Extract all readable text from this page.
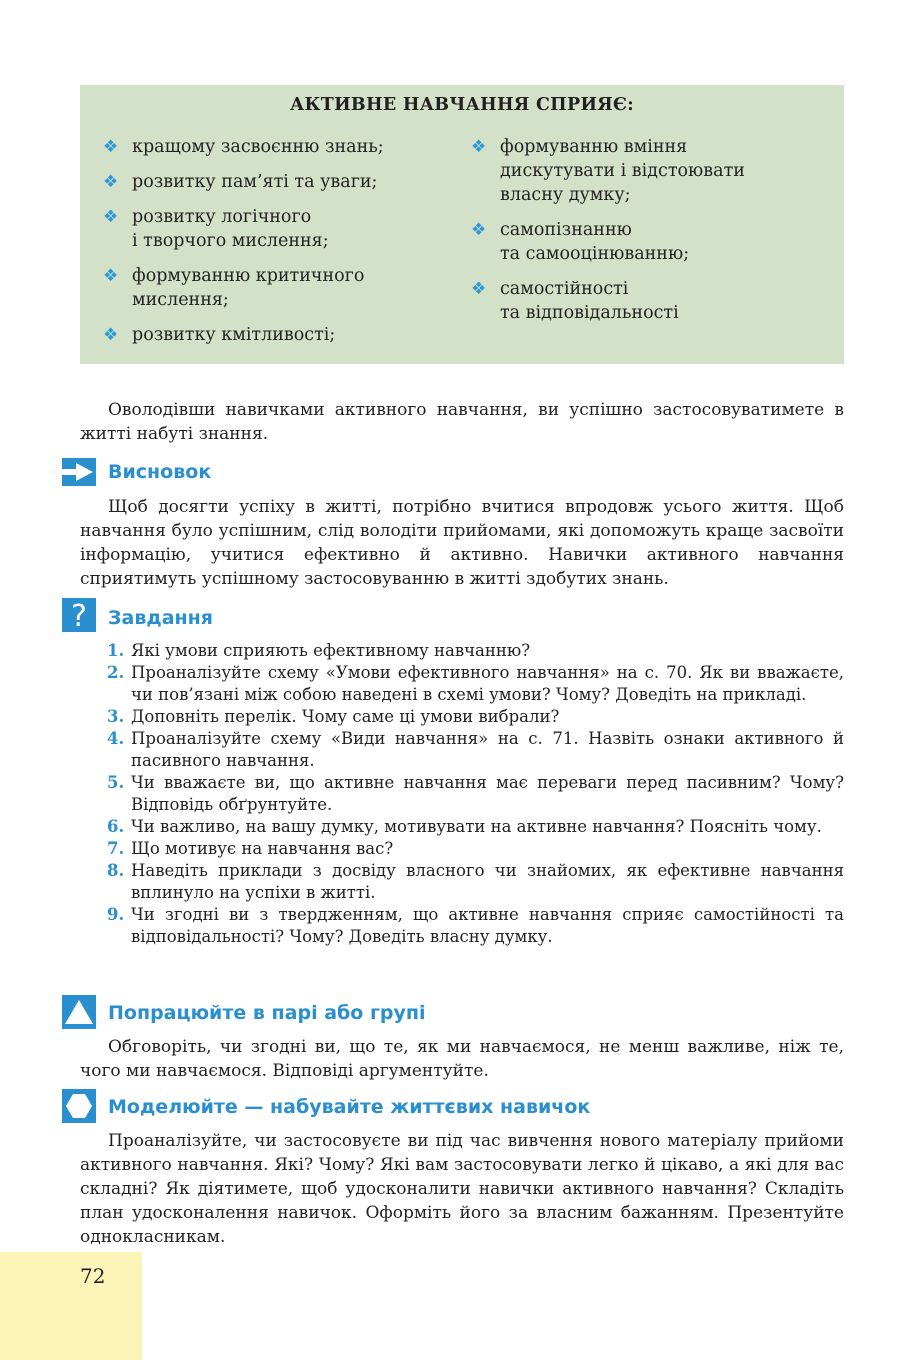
АКТИВНЕ НАВЧАННЯ СПРИЯЄ:
❖ кращому засвоєнню знань;
❖ розвитку пам’яті та уваги;
❖ розвитку логічного
і творчого мислення;
❖ формуванню критичного
мислення;
❖ розвитку кмітливості;
❖ формуванню вміння
дискутувати і відстоювати
власну думку;
❖ самопізнанню
та самооцінюванню;
❖ самостійності
та відповідальності

Оволодівши навичками активного навчання, ви успішно застосовуватимете в житті набуті знання.

Висновок

Щоб досягти успіху в житті, потрібно вчитися впродовж усього життя. Щоб навчання було успішним, слід володіти прийомами, які допоможуть краще засвоїти інформацію, учитися ефективно й активно. Навички активного навчання сприятимуть успішному застосовуванню в житті здобутих знань.

? Завдання
1. Які умови сприяють ефективному навчанню?
2. Проаналізуйте схему «Умови ефективного навчання» на с. 70. Як ви вважаєте, чи пов’язані між собою наведені в схемі умови? Чому? Доведіть на прикладі.
3. Доповніть перелік. Чому саме ці умови вибрали?
4. Проаналізуйте схему «Види навчання» на с. 71. Назвіть ознаки активного й пасивного навчання.
5. Чи вважаєте ви, що активне навчання має переваги перед пасивним? Чому? Відповідь обґрунтуйте.
6. Чи важливо, на вашу думку, мотивувати на активне навчання? Поясніть чому.
7. Що мотивує на навчання вас?
8. Наведіть приклади з досвіду власного чи знайомих, як ефективне навчання вплинуло на успіхи в житті.
9. Чи згодні ви з твердженням, що активне навчання сприяє самостійності та відповідальності? Чому? Доведіть власну думку.
Попрацюйте в парі або групі

Обговоріть, чи згодні ви, що те, як ми навчаємося, не менш важливе, ніж те, чого ми навчаємося. Відповіді аргументуйте.

Моделюйте — набувайте життєвих навичок

Проаналізуйте, чи застосовуєте ви під час вивчення нового матеріалу прийоми активного навчання. Які? Чому? Які вам застосовувати легко й цікаво, а які для вас складні? Як діятимете, щоб удосконалити навички активного навчання? Складіть план удосконалення навичок. Оформіть його за власним бажанням. Презентуйте однокласникам.

72
